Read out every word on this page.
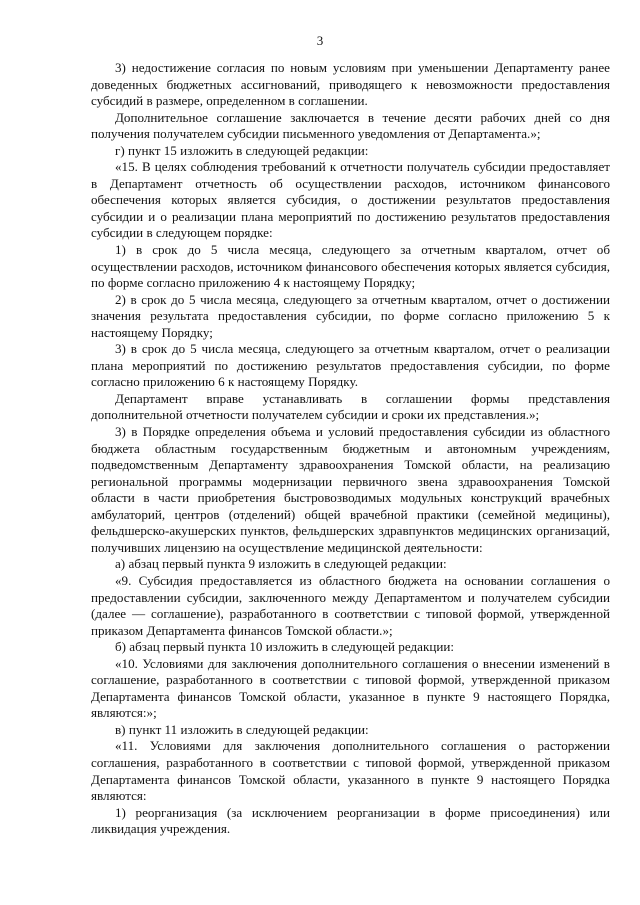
3

3) недостижение согласия по новым условиям при уменьшении Департаменту ранее доведенных бюджетных ассигнований, приводящего к невозможности предоставления субсидий в размере, определенном в соглашении.

Дополнительное соглашение заключается в течение десяти рабочих дней со дня получения получателем субсидии письменного уведомления от Департамента.»;

г) пункт 15 изложить в следующей редакции:

«15. В целях соблюдения требований к отчетности получатель субсидии предоставляет в Департамент отчетность об осуществлении расходов, источником финансового обеспечения которых является субсидия, о достижении результатов предоставления субсидии и о реализации плана мероприятий по достижению результатов предоставления субсидии в следующем порядке:

1) в срок до 5 числа месяца, следующего за отчетным кварталом, отчет об осуществлении расходов, источником финансового обеспечения которых является субсидия, по форме согласно приложению 4 к настоящему Порядку;

2) в срок до 5 числа месяца, следующего за отчетным кварталом, отчет о достижении значения результата предоставления субсидии, по форме согласно приложению 5 к настоящему Порядку;

3) в срок до 5 числа месяца, следующего за отчетным кварталом, отчет о реализации плана мероприятий по достижению результатов предоставления субсидии, по форме согласно приложению 6 к настоящему Порядку.

Департамент вправе устанавливать в соглашении формы представления дополнительной отчетности получателем субсидии и сроки их представления.»;

3) в Порядке определения объема и условий предоставления субсидии из областного бюджета областным государственным бюджетным и автономным учреждениям, подведомственным Департаменту здравоохранения Томской области, на реализацию региональной программы модернизации первичного звена здравоохранения Томской области в части приобретения быстровозводимых модульных конструкций врачебных амбулаторий, центров (отделений) общей врачебной практики (семейной медицины), фельдшерско-акушерских пунктов, фельдшерских здравпунктов медицинских организаций, получивших лицензию на осуществление медицинской деятельности:

а) абзац первый пункта 9 изложить в следующей редакции:

«9. Субсидия предоставляется из областного бюджета на основании соглашения о предоставлении субсидии, заключенного между Департаментом и получателем субсидии (далее — соглашение), разработанного в соответствии с типовой формой, утвержденной приказом Департамента финансов Томской области.»;

б) абзац первый пункта 10 изложить в следующей редакции:

«10. Условиями для заключения дополнительного соглашения о внесении изменений в соглашение, разработанного в соответствии с типовой формой, утвержденной приказом Департамента финансов Томской области, указанное в пункте 9 настоящего Порядка, являются:»;

в) пункт 11 изложить в следующей редакции:

«11. Условиями для заключения дополнительного соглашения о расторжении соглашения, разработанного в соответствии с типовой формой, утвержденной приказом Департамента финансов Томской области, указанного в пункте 9 настоящего Порядка являются:

1) реорганизация (за исключением реорганизации в форме присоединения) или ликвидация учреждения.
